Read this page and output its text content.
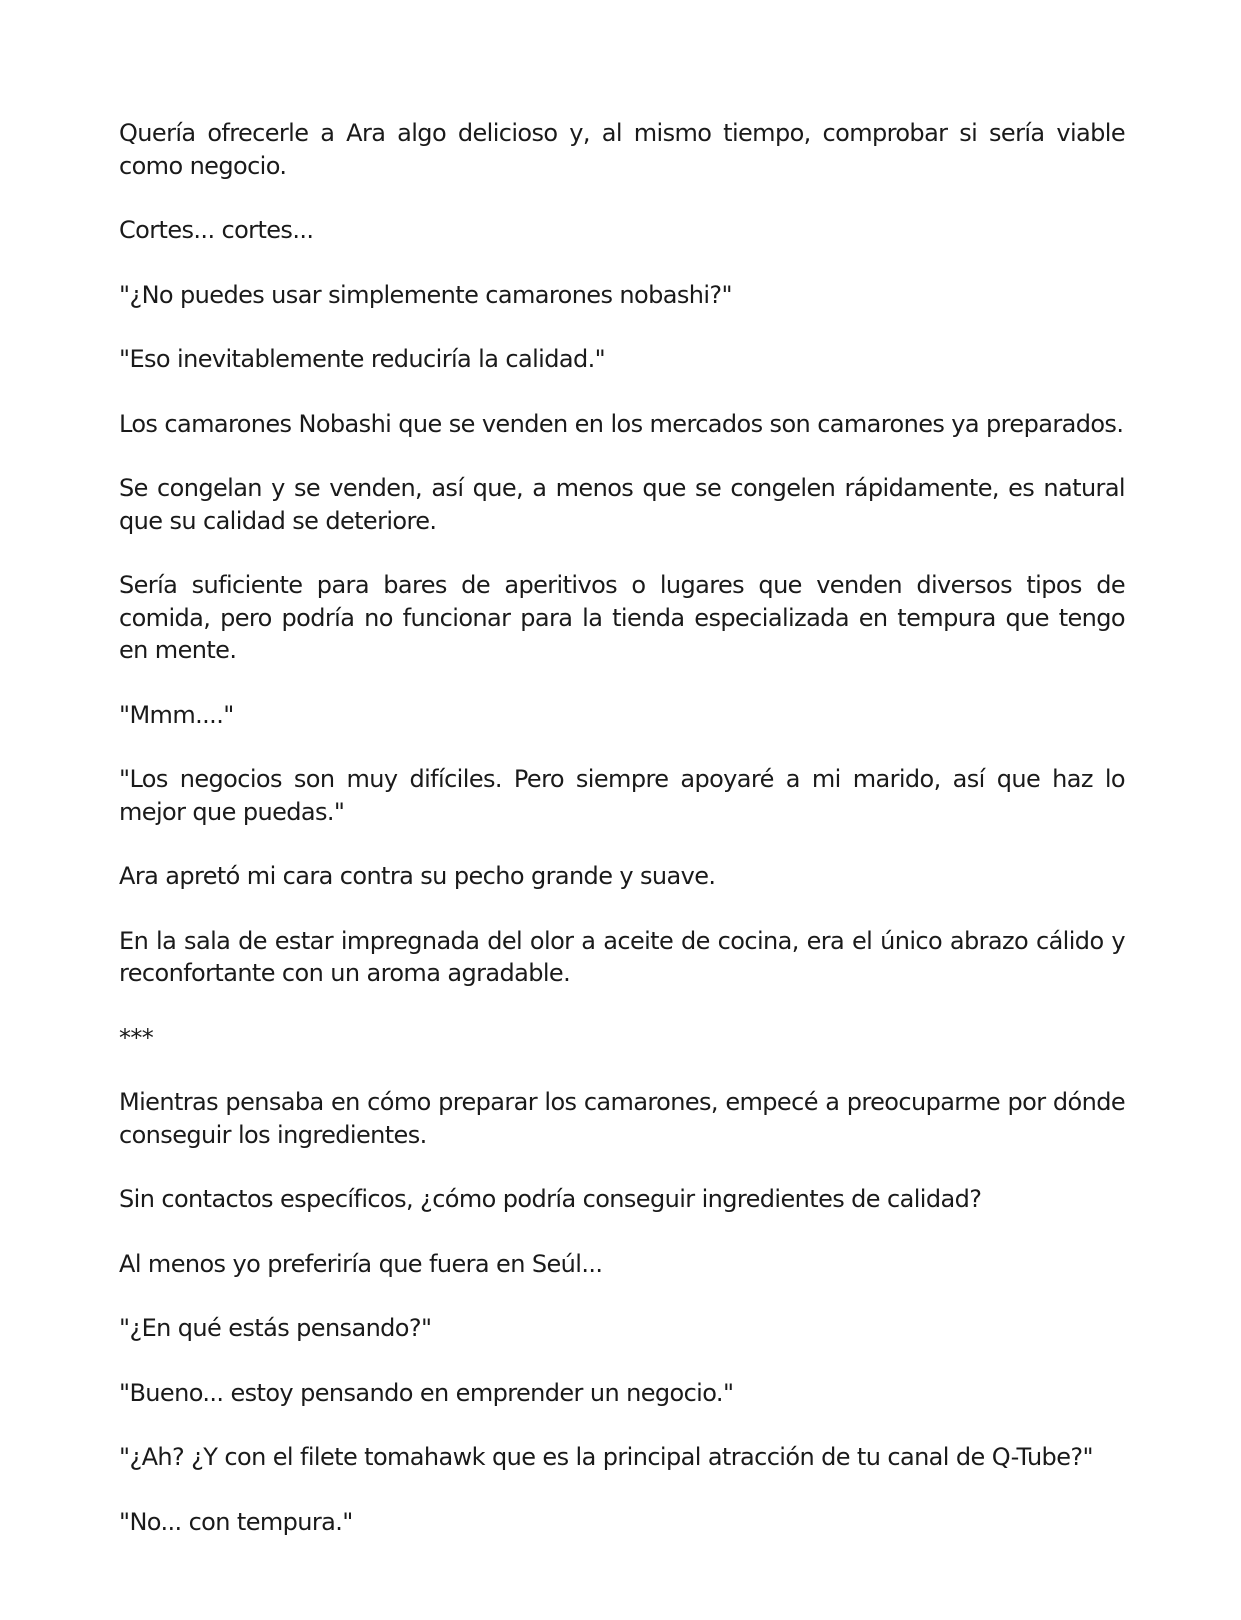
Quería ofrecerle a Ara algo delicioso y, al mismo tiempo, comprobar si sería viable como negocio.

Cortes... cortes...

"¿No puedes usar simplemente camarones nobashi?"

"Eso inevitablemente reduciría la calidad."

Los camarones Nobashi que se venden en los mercados son camarones ya preparados.

Se congelan y se venden, así que, a menos que se congelen rápidamente, es natural que su calidad se deteriore.

Sería suficiente para bares de aperitivos o lugares que venden diversos tipos de comida, pero podría no funcionar para la tienda especializada en tempura que tengo en mente.

"Mmm...."

"Los negocios son muy difíciles. Pero siempre apoyaré a mi marido, así que haz lo mejor que puedas."

Ara apretó mi cara contra su pecho grande y suave.

En la sala de estar impregnada del olor a aceite de cocina, era el único abrazo cálido y reconfortante con un aroma agradable.

***

Mientras pensaba en cómo preparar los camarones, empecé a preocuparme por dónde conseguir los ingredientes.

Sin contactos específicos, ¿cómo podría conseguir ingredientes de calidad?

Al menos yo preferiría que fuera en Seúl...

"¿En qué estás pensando?"

"Bueno... estoy pensando en emprender un negocio."

"¿Ah? ¿Y con el filete tomahawk que es la principal atracción de tu canal de Q-Tube?"

"No... con tempura."
